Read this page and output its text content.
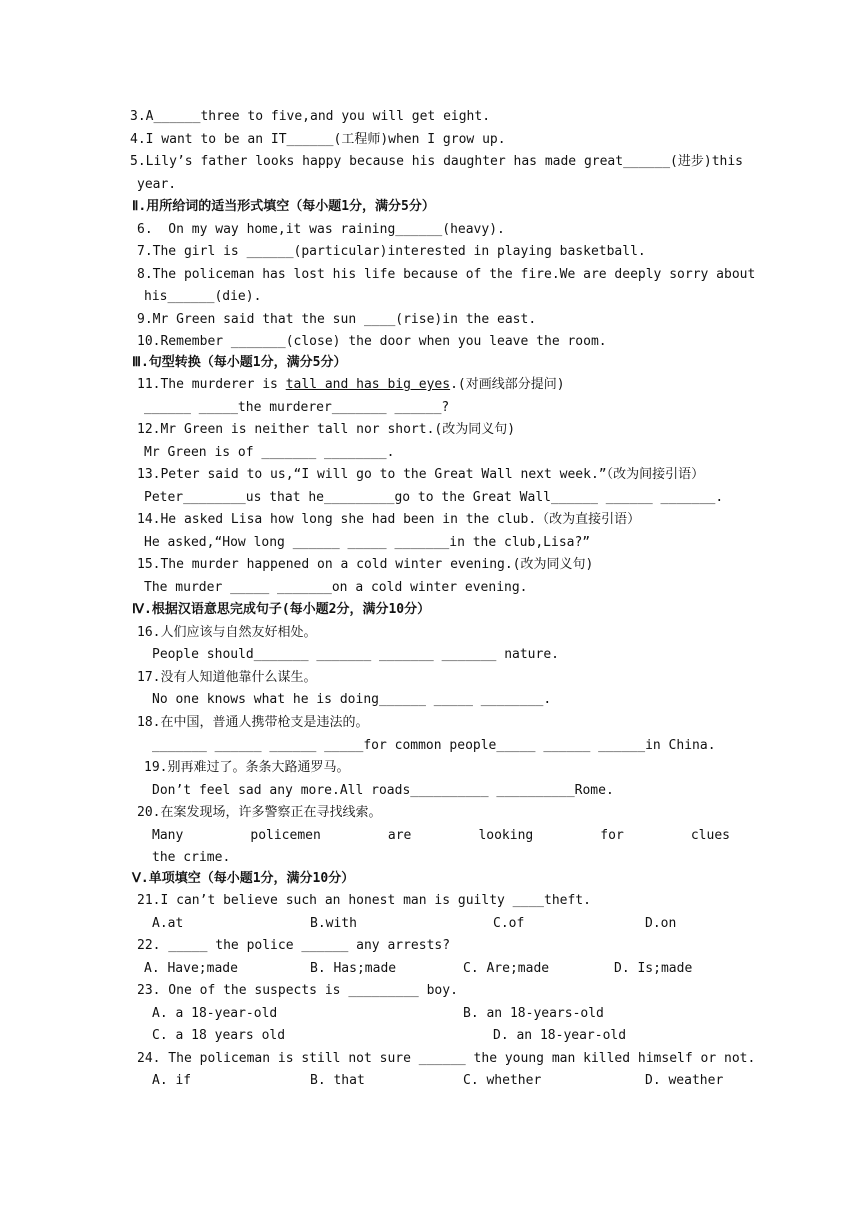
3.A______three to five,and you will get eight.
4.I want to be an IT______(工程师)when I grow up.
5.Lily’s father looks happy because his daughter has made great______(进步)this
year.
Ⅱ.用所给词的适当形式填空（每小题1分，满分5分）
6.  On my way home,it was raining______(heavy).
7.The girl is ______(particular)interested in playing basketball.
8.The policeman has lost his life because of the fire.We are deeply sorry about
his______(die).
9.Mr Green said that the sun ____(rise)in the east.
10.Remember _______(close) the door when you leave the room.
Ⅲ.句型转换（每小题1分，满分5分）
11.The murderer is tall and has big eyes.(对画线部分提问)
______ _____the murderer_______ ______?
12.Mr Green is neither tall nor short.(改为同义句)
Mr Green is of _______ ________.
13.Peter said to us,“I will go to the Great Wall next week.”（改为间接引语）
Peter________us that he_________go to the Great Wall______ ______ _______.
14.He asked Lisa how long she had been in the club.（改为直接引语）
He asked,“How long ______ _____ _______in the club,Lisa?”
15.The murder happened on a cold winter evening.(改为同义句)
The murder _____ _______on a cold winter evening.
Ⅳ.根据汉语意思完成句子(每小题2分，满分10分）
16.人们应该与自然友好相处。
People should_______ _______ _______ _______ nature.
17.没有人知道他靠什么谋生。
No one knows what he is doing______ _____ ________.
18.在中国，普通人携带枪支是违法的。
_______ ______ ______ _____for common people_____ ______ ______in China.
19.别再难过了。条条大路通罗马。
Don’t feel sad any more.All roads__________ __________Rome.
20.在案发现场，许多警察正在寻找线索。
Many	policemen	are	looking	for	clues
the crime.
Ⅴ.单项填空（每小题1分，满分10分）
21.I can’t believe such an honest man is guilty ____theft.
A.at	B.with	C.of	D.on
22. _____ the police ______ any arrests?
A. Have;made	B. Has;made	C. Are;made	D. Is;made
23. One of the suspects is _________ boy.
A. a 18-year-old	B. an 18-years-old
C. a 18 years old	D. an 18-year-old
24. The policeman is still not sure ______ the young man killed himself or not.
A. if	B. that	C. whether	D. weather
